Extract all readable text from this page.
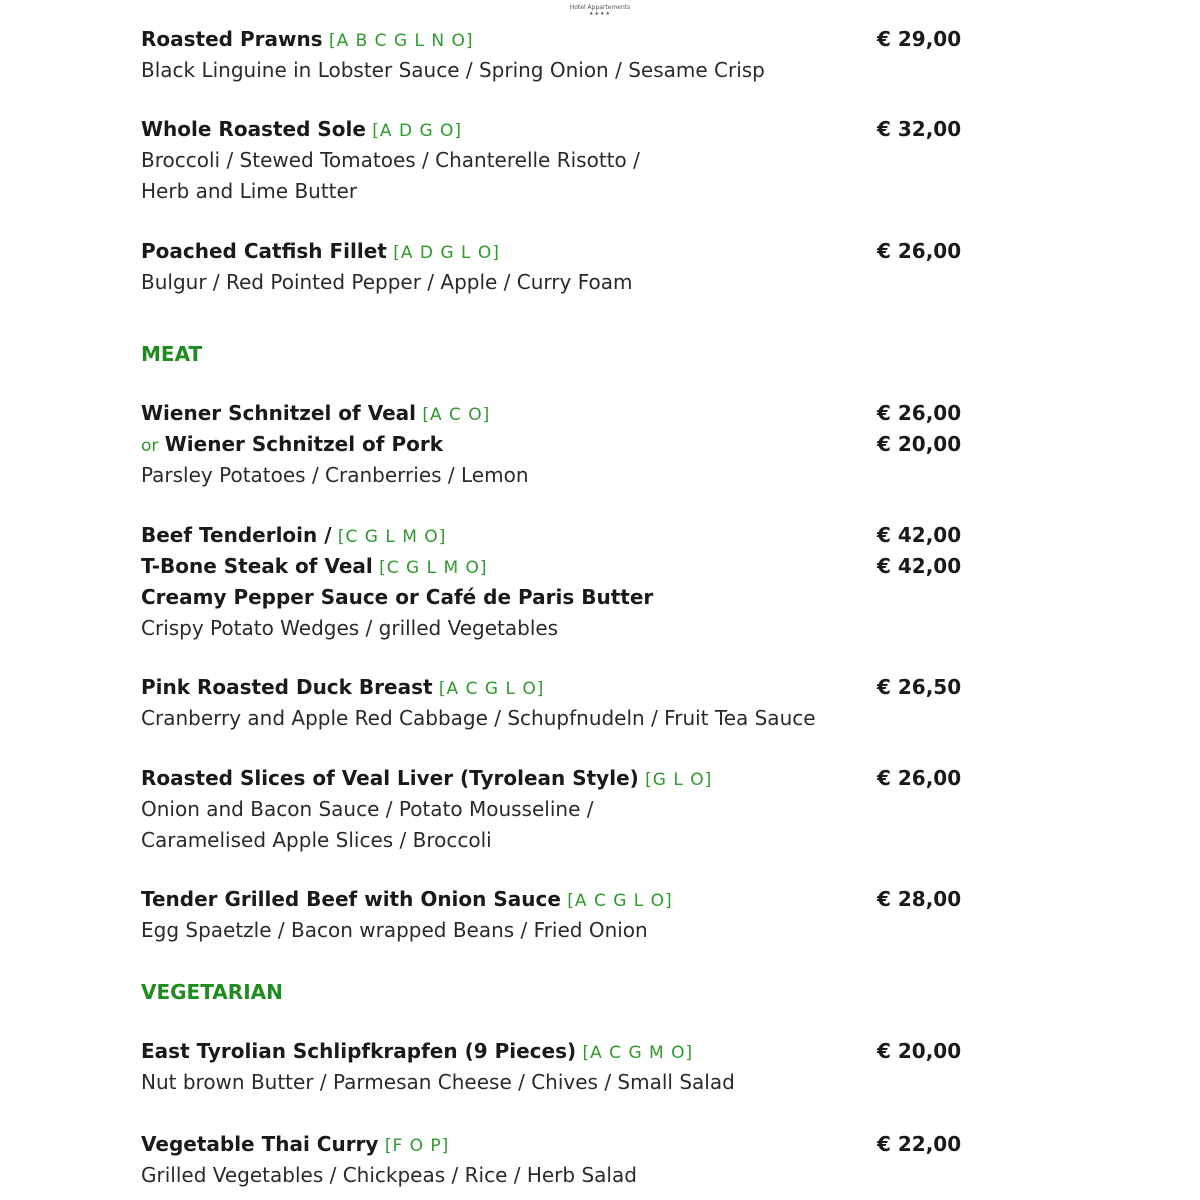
Hotel Appartements
★★★★
Roasted Prawns [A B C G L N O]	€ 29,00
Black Linguine in Lobster Sauce / Spring Onion / Sesame Crisp
Whole Roasted Sole [A D G O]	€ 32,00
Broccoli / Stewed Tomatoes / Chanterelle Risotto /
Herb and Lime Butter
Poached Catfish Fillet [A D G L O]	€ 26,00
Bulgur / Red Pointed Pepper / Apple / Curry Foam
MEAT
Wiener Schnitzel of Veal [A C O]	€ 26,00
or Wiener Schnitzel of Pork	€ 20,00
Parsley Potatoes / Cranberries / Lemon
Beef Tenderloin / [C G L M O]	€ 42,00
T-Bone Steak of Veal [C G L M O]	€ 42,00
Creamy Pepper Sauce or Café de Paris Butter
Crispy Potato Wedges / grilled Vegetables
Pink Roasted Duck Breast [A C G L O]	€ 26,50
Cranberry and Apple Red Cabbage / Schupfnudeln / Fruit Tea Sauce
Roasted Slices of Veal Liver (Tyrolean Style) [G L O]	€ 26,00
Onion and Bacon Sauce / Potato Mousseline /
Caramelised Apple Slices / Broccoli
Tender Grilled Beef with Onion Sauce [A C G L O]	€ 28,00
Egg Spaetzle / Bacon wrapped Beans / Fried Onion
VEGETARIAN
East Tyrolian Schlipfkrapfen (9 Pieces) [A C G M O]	€ 20,00
Nut brown Butter / Parmesan Cheese / Chives / Small Salad
Vegetable Thai Curry [F O P]	€ 22,00
Grilled Vegetables / Chickpeas / Rice / Herb Salad
